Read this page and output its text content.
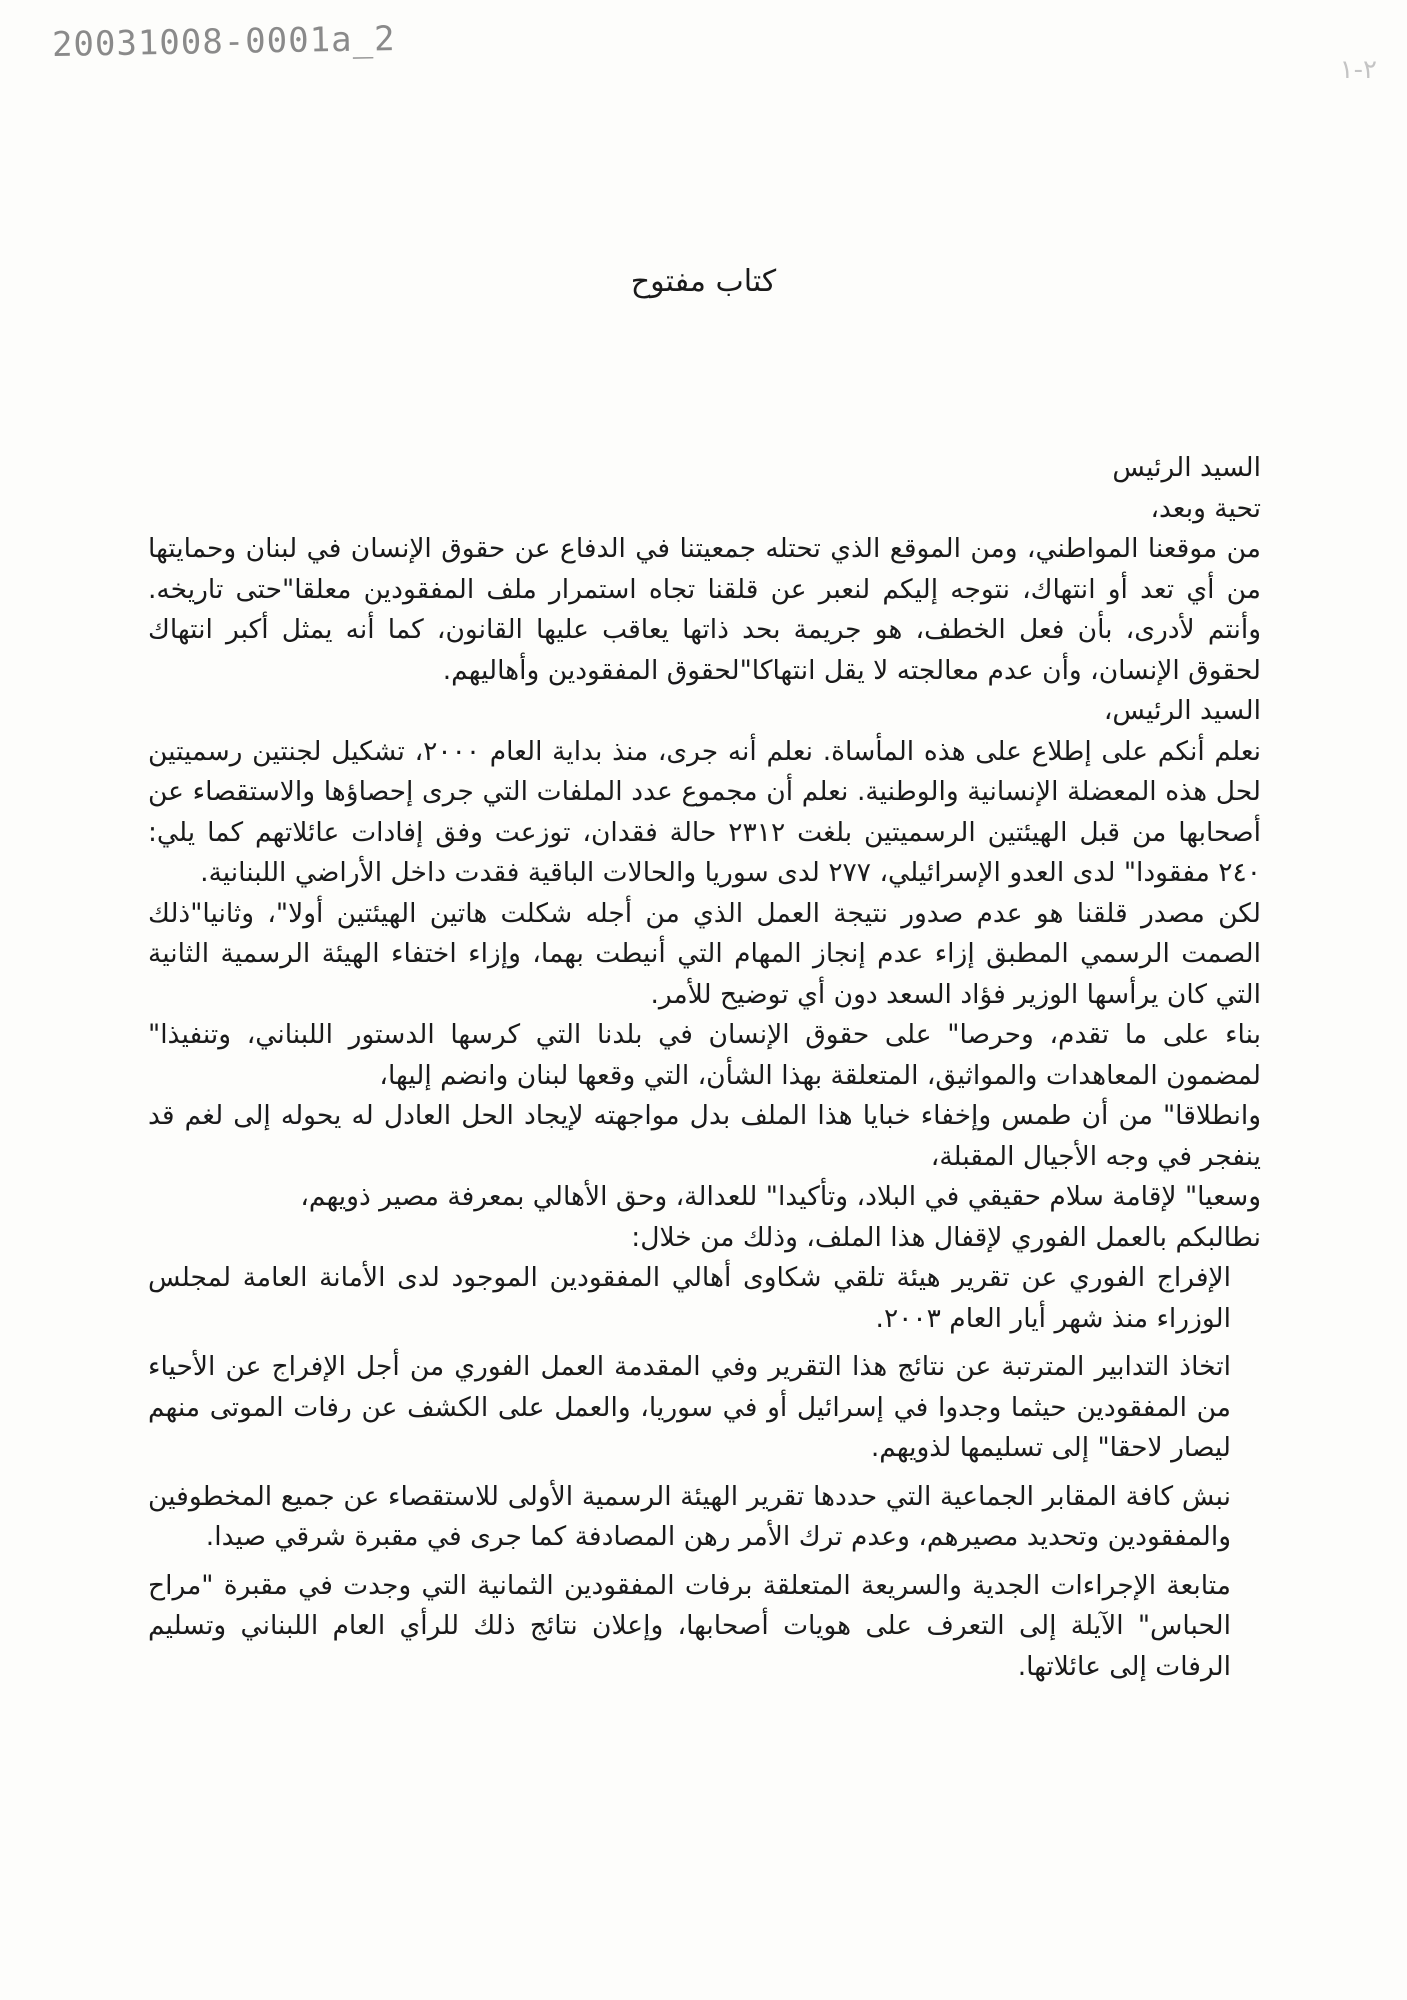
20031008-0001a_2
٢-١
كتاب مفتوح

السيد الرئيس

تحية وبعد،

من موقعنا المواطني، ومن الموقع الذي تحتله جمعيتنا في الدفاع عن حقوق الإنسان في لبنان وحمايتها من أي تعد أو انتهاك، نتوجه إليكم لنعبر عن قلقنا تجاه استمرار ملف المفقودين معلقا"حتى تاريخه. وأنتم لأدرى، بأن فعل الخطف، هو جريمة بحد ذاتها يعاقب عليها القانون، كما أنه يمثل أكبر انتهاك لحقوق الإنسان، وأن عدم معالجته لا يقل انتهاكا"لحقوق المفقودين وأهاليهم.

السيد الرئيس،

نعلم أنكم على إطلاع على هذه المأساة. نعلم أنه جرى، منذ بداية العام ٢٠٠٠، تشكيل لجنتين رسميتين لحل هذه المعضلة الإنسانية والوطنية. نعلم أن مجموع عدد الملفات التي جرى إحصاؤها والاستقصاء عن أصحابها من قبل الهيئتين الرسميتين بلغت ٢٣١٢ حالة فقدان، توزعت وفق إفادات عائلاتهم كما يلي: ٢٤٠ مفقودا" لدى العدو الإسرائيلي، ٢٧٧ لدى سوريا والحالات الباقية فقدت داخل الأراضي اللبنانية.

لكن مصدر قلقنا هو عدم صدور نتيجة العمل الذي من أجله شكلت هاتين الهيئتين أولا"، وثانيا"ذلك الصمت الرسمي المطبق إزاء عدم إنجاز المهام التي أنيطت بهما، وإزاء اختفاء الهيئة الرسمية الثانية التي كان يرأسها الوزير فؤاد السعد دون أي توضيح للأمر.

بناء على ما تقدم، وحرصا" على حقوق الإنسان في بلدنا التي كرسها الدستور اللبناني، وتنفيذا" لمضمون المعاهدات والمواثيق، المتعلقة بهذا الشأن، التي وقعها لبنان وانضم إليها،

وانطلاقا" من أن طمس وإخفاء خبايا هذا الملف بدل مواجهته لإيجاد الحل العادل له يحوله إلى لغم قد ينفجر في وجه الأجيال المقبلة،

وسعيا" لإقامة سلام حقيقي في البلاد، وتأكيدا" للعدالة، وحق الأهالي بمعرفة مصير ذويهم،

نطالبكم بالعمل الفوري لإقفال هذا الملف، وذلك من خلال:

الإفراج الفوري عن تقرير هيئة تلقي شكاوى أهالي المفقودين الموجود لدى الأمانة العامة لمجلس الوزراء منذ شهر أيار العام ٢٠٠٣.
اتخاذ التدابير المترتبة عن نتائج هذا التقرير وفي المقدمة العمل الفوري من أجل الإفراج عن الأحياء من المفقودين حيثما وجدوا في إسرائيل أو في سوريا، والعمل على الكشف عن رفات الموتى منهم ليصار لاحقا" إلى تسليمها لذويهم.
نبش كافة المقابر الجماعية التي حددها تقرير الهيئة الرسمية الأولى للاستقصاء عن جميع المخطوفين والمفقودين وتحديد مصيرهم، وعدم ترك الأمر رهن المصادفة كما جرى في مقبرة شرقي صيدا.
متابعة الإجراءات الجدية والسريعة المتعلقة برفات المفقودين الثمانية التي وجدت في مقبرة "مراح الحباس" الآيلة إلى التعرف على هويات أصحابها، وإعلان نتائج ذلك للرأي العام اللبناني وتسليم الرفات إلى عائلاتها.
